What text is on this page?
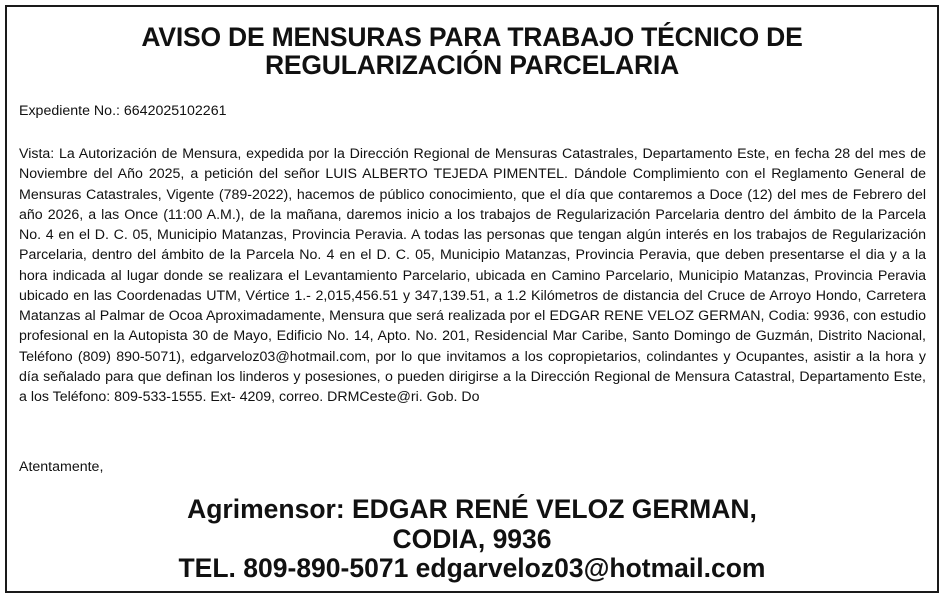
AVISO DE MENSURAS PARA TRABAJO TÉCNICO DE
REGULARIZACIÓN PARCELARIA

Expediente No.: 6642025102261

Vista: La Autorización de Mensura, expedida por la Dirección Regional de Mensuras Catastrales, Departamento Este, en fecha 28 del mes de Noviembre del Año 2025, a petición del señor LUIS ALBERTO TEJEDA PIMENTEL. Dándole Complimiento con el Reglamento General de Mensuras Catastrales, Vigente (789-2022), hacemos de público conocimiento, que el día que contaremos a Doce (12) del mes de Febrero del año 2026, a las Once (11:00 A.M.), de la mañana, daremos inicio a los trabajos de Regularización Parcelaria dentro del ámbito de la Parcela No. 4 en el D. C. 05, Municipio Matanzas, Provincia Peravia. A todas las personas que tengan algún interés en los trabajos de Regularización Parcelaria, dentro del ámbito de la Parcela No. 4 en el D. C. 05, Municipio Matanzas, Provincia Peravia, que deben presentarse el dia y a la hora indicada al lugar donde se realizara el Levantamiento Parcelario, ubicada en Camino Parcelario, Municipio Matanzas, Provincia Peravia ubicado en las Coordenadas UTM, Vértice 1.- 2,015,456.51 y 347,139.51, a 1.2 Kilómetros de distancia del Cruce de Arroyo Hondo, Carretera Matanzas al Palmar de Ocoa Aproximadamente, Mensura que será realizada por el EDGAR RENE VELOZ GERMAN, Codia: 9936, con estudio profesional en la Autopista 30 de Mayo, Edificio No. 14, Apto. No. 201, Residencial Mar Caribe, Santo Domingo de Guzmán, Distrito Nacional, Teléfono (809) 890-5071), edgarveloz03@hotmail.com, por lo que invitamos a los copropietarios, colindantes y Ocupantes, asistir a la hora y día señalado para que definan los linderos y posesiones, o pueden dirigirse a la Dirección Regional de Mensura Catastral, Departamento Este, a los Teléfono: 809-533-1555. Ext- 4209, correo. DRMCeste@ri. Gob. Do

Atentamente,

Agrimensor: EDGAR RENÉ VELOZ GERMAN,
CODIA, 9936
TEL. 809-890-5071 edgarveloz03@hotmail.com
